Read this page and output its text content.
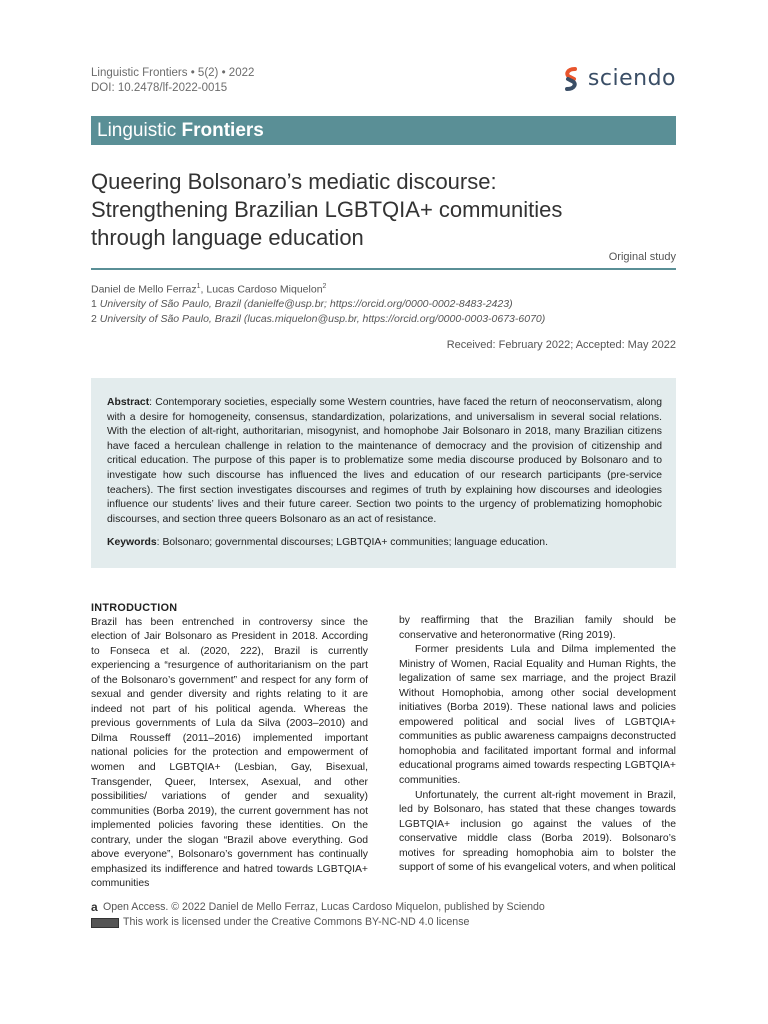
Linguistic Frontiers • 5(2) • 2022
DOI: 10.2478/lf-2022-0015	sciendo
Linguistic Frontiers
Queering Bolsonaro’s mediatic discourse:
Strengthening Brazilian LGBTQIA+ communities
through language education
Original study
Daniel de Mello Ferraz$^1$, Lucas Cardoso Miquelon$^2$
1 University of São Paulo, Brazil (danielfe@usp.br; https://orcid.org/0000-0002-8483-2423)
2 University of São Paulo, Brazil (lucas.miquelon@usp.br, https://orcid.org/0000-0003-0673-6070)
Received: February 2022; Accepted: May 2022
Abstract: Contemporary societies, especially some Western countries, have faced the return of neoconservatism, along with a desire for homogeneity, consensus, standardization, polarizations, and universalism in several social relations. With the election of alt-right, authoritarian, misogynist, and homophobe Jair Bolsonaro in 2018, many Brazilian citizens have faced a herculean challenge in relation to the maintenance of democracy and the provision of citizenship and critical education. The purpose of this paper is to problematize some media discourse produced by Bolsonaro and to investigate how such discourse has influenced the lives and education of our research participants (pre-service teachers). The first section investigates discourses and regimes of truth by explaining how discourses and ideologies influence our students’ lives and their future career. Section two points to the urgency of problematizing homophobic discourses, and section three queers Bolsonaro as an act of resistance.
Keywords: Bolsonaro; governmental discourses; LGBTQIA+ communities; language education.
INTRODUCTION

Brazil has been entrenched in controversy since the election of Jair Bolsonaro as President in 2018. According to Fonseca et al. (2020, 222), Brazil is currently experiencing a “resurgence of authoritarianism on the part of the Bolsonaro’s government” and respect for any form of sexual and gender diversity and rights relating to it are indeed not part of his political agenda. Whereas the previous governments of Lula da Silva (2003–2010) and Dilma Rousseff (2011–2016) implemented important national policies for the protection and empowerment of women and LGBTQIA+ (Lesbian, Gay, Bisexual, Transgender, Queer, Intersex, Asexual, and other possibilities/ variations of gender and sexuality) communities (Borba 2019), the current government has not implemented policies favoring these identities. On the contrary, under the slogan “Brazil above everything. God above everyone”, Bolsonaro’s government has continually emphasized its indifference and hatred towards LGBTQIA+ communities

by reaffirming that the Brazilian family should be conservative and heteronormative (Ring 2019).

Former presidents Lula and Dilma implemented the Ministry of Women, Racial Equality and Human Rights, the legalization of same sex marriage, and the project Brazil Without Homophobia, among other social development initiatives (Borba 2019). These national laws and policies empowered political and social lives of LGBTQIA+ communities as public awareness campaigns deconstructed homophobia and facilitated important formal and informal educational programs aimed towards respecting LGBTQIA+ communities.

Unfortunately, the current alt-right movement in Brazil, led by Bolsonaro, has stated that these changes towards LGBTQIA+ inclusion go against the values of the conservative middle class (Borba 2019). Bolsonaro’s motives for spreading homophobia aim to bolster the support of some of his evangelical voters, and when political

a Open Access. © 2022 Daniel de Mello Ferraz, Lucas Cardoso Miquelon, published by Sciendo
This work is licensed under the Creative Commons BY-NC-ND 4.0 license
